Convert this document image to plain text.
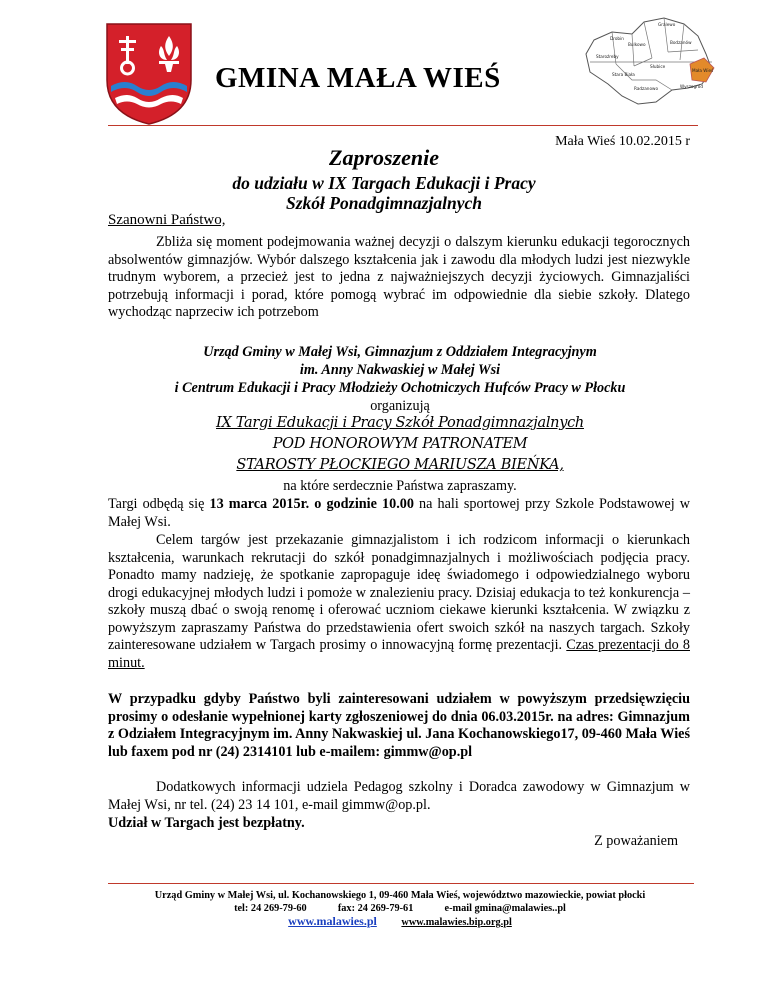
GMINA MAŁA WIEŚ
Gralewo
Bodzanów
Słubice
Mała Wieś
Wyszogród
Bulkowo
Staroźreby
Drobin
Radzanowo
Stara Biała
Mała Wieś 10.02.2015 r
Zaproszenie
do udziału w IX Targach Edukacji i Pracy
Szkół Ponadgimnazjalnych
Szanowni Państwo,

Zbliża się moment podejmowania ważnej decyzji o dalszym kierunku edukacji tegorocznych absolwentów gimnazjów. Wybór dalszego kształcenia jak i zawodu dla młodych ludzi jest niezwykle trudnym wyborem, a przecież jest to jedna z najważniejszych decyzji życiowych. Gimnazjaliści potrzebują informacji i porad, które pomogą wybrać im odpowiednie dla siebie szkoły. Dlatego wychodząc naprzeciw ich potrzebom

Urząd Gminy w Małej Wsi, Gimnazjum z Oddziałem Integracyjnym
im. Anny Nakwaskiej w Małej Wsi
i Centrum Edukacji i Pracy Młodzieży Ochotniczych Hufców Pracy w Płocku
organizują
IX Targi Edukacji i Pracy Szkół Ponadgimnazjalnych
POD HONOROWYM PATRONATEM
STAROSTY PŁOCKIEGO MARIUSZA BIEŃKA,
na które serdecznie Państwa zapraszamy.

Targi odbędą się 13 marca 2015r. o godzinie 10.00 na hali sportowej przy Szkole Podstawowej w Małej Wsi.

Celem targów jest przekazanie gimnazjalistom i ich rodzicom informacji o kierunkach kształcenia, warunkach rekrutacji do szkół ponadgimnazjalnych i możliwościach podjęcia pracy. Ponadto mamy nadzieję, że spotkanie zapropaguje ideę świadomego i odpowiedzialnego wyboru drogi edukacyjnej młodych ludzi i pomoże w znalezieniu pracy. Dzisiaj edukacja to też konkurencja – szkoły muszą dbać o swoją renomę i oferować uczniom ciekawe kierunki kształcenia. W związku z powyższym zapraszamy Państwa do przedstawienia ofert swoich szkół na naszych targach. Szkoły zainteresowane udziałem w Targach prosimy o innowacyjną formę prezentacji. Czas prezentacji do 8 minut.

W przypadku gdyby Państwo byli zainteresowani udziałem w powyższym przedsięwzięciu prosimy o odesłanie wypełnionej karty zgłoszeniowej do dnia 06.03.2015r. na adres: Gimnazjum z Odziałem Integracyjnym im. Anny Nakwaskiej ul. Jana Kochanowskiego17, 09-460 Mała Wieś lub faxem pod nr (24) 2314101 lub e-mailem: gimmw@op.pl

Dodatkowych informacji udziela Pedagog szkolny i Doradca zawodowy w Gimnazjum w Małej Wsi, nr tel. (24) 23 14 101, e-mail gimmw@op.pl.

Udział w Targach jest bezpłatny.
Z poważaniem
Urząd Gminy w Małej Wsi, ul. Kochanowskiego 1, 09-460 Mała Wieś, województwo mazowieckie, powiat płocki
tel: 24 269-79-60	fax: 24 269-79-61	e-mail gmina@malawies..pl
www.malawies.pl www.malawies.bip.org.pl
